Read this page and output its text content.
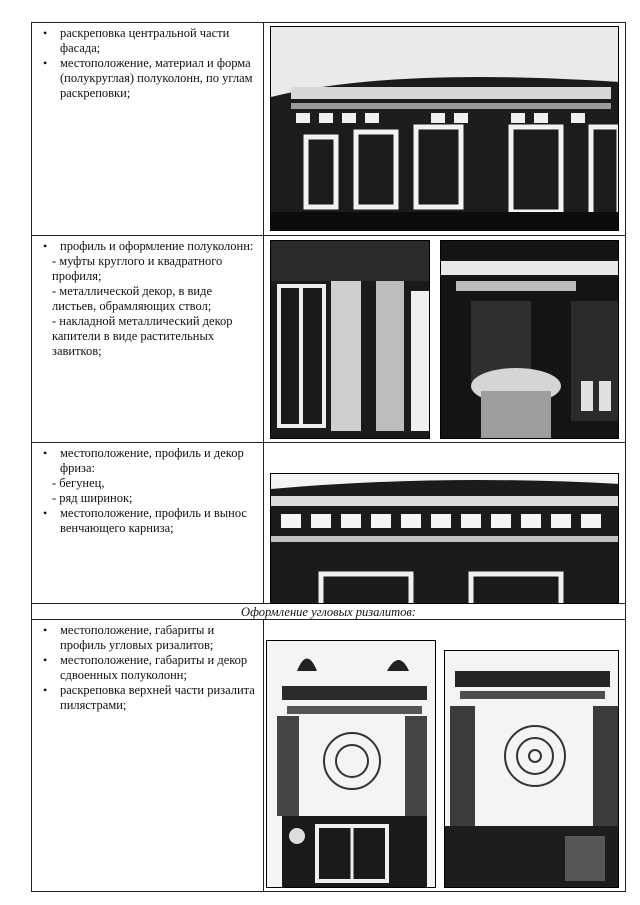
• раскреповка центральной части фасада;
• местоположение, материал и форма (полукруглая) полуколонн, по углам раскреповки;
• профиль и оформление полуколонн:
- муфты круглого и квадратного профиля;
- металлической декор, в виде листьев, обрамляющих ствол;
- накладной металлический декор капители в виде растительных завитков;
• местоположение, профиль и декор фриза:
- бегунец,
- ряд ширинок;
• местоположение, профиль и вынос венчающего карниза;
Оформление угловых ризалитов:
• местоположение, габариты и профиль угловых ризалитов;
• местоположение, габариты и декор сдвоенных полуколонн;
• раскреповка верхней части ризалита пилястрами;
